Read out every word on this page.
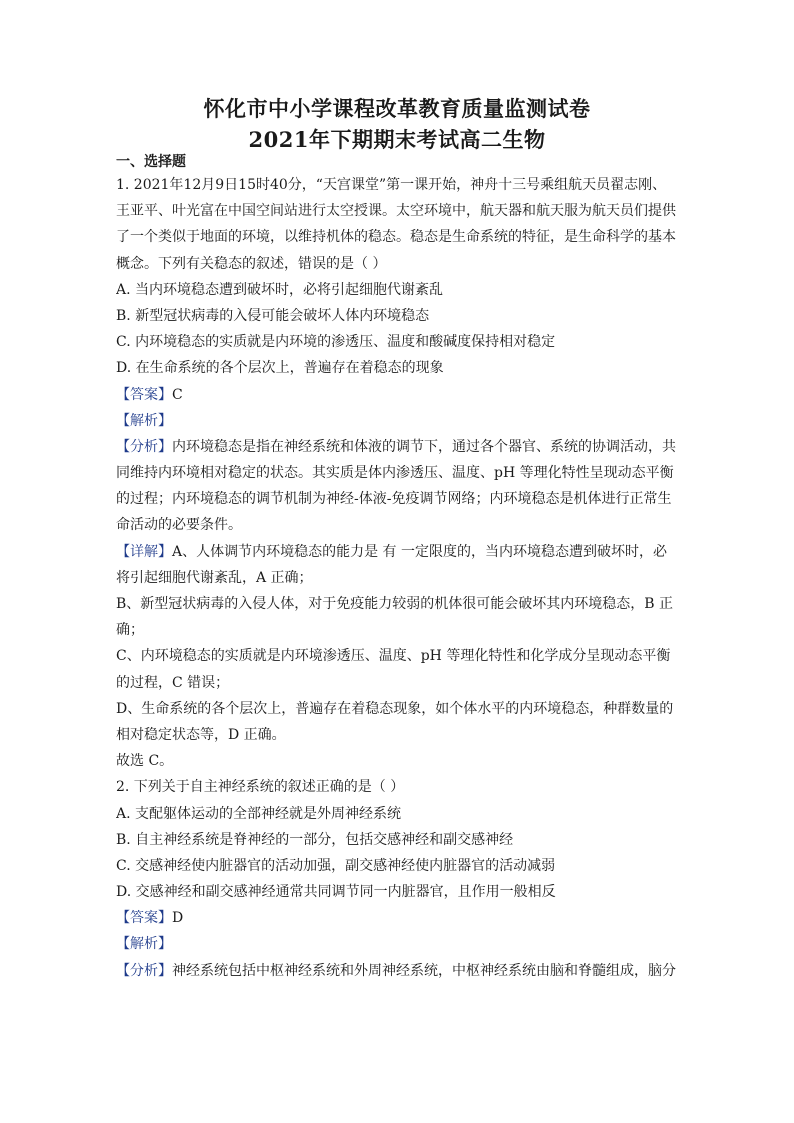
怀化市中小学课程改革教育质量监测试卷
2021年下期期末考试高二生物
一、选择题
1. 2021年12月9日15时40分，“天宫课堂”第一课开始，神舟十三号乘组航天员翟志刚、
王亚平、叶光富在中国空间站进行太空授课。太空环境中，航天器和航天服为航天员们提供
了一个类似于地面的环境，以维持机体的稳态。稳态是生命系统的特征，是生命科学的基本
概念。下列有关稳态的叙述，错误的是（ ）
A. 当内环境稳态遭到破坏时，必将引起细胞代谢紊乱
B. 新型冠状病毒的入侵可能会破坏人体内环境稳态
C. 内环境稳态的实质就是内环境的渗透压、温度和酸碱度保持相对稳定
D. 在生命系统的各个层次上，普遍存在着稳态的现象
【答案】C
【解析】
【分析】内环境稳态是指在神经系统和体液的调节下，通过各个器官、系统的协调活动，共
同维持内环境相对稳定的状态。其实质是体内渗透压、温度、pH 等理化特性呈现动态平衡
的过程；内环境稳态的调节机制为神经-体液-免疫调节网络；内环境稳态是机体进行正常生
命活动的必要条件。
【详解】A、人体调节内环境稳态的能力是 有 一定限度的，当内环境稳态遭到破坏时，必
将引起细胞代谢紊乱，A 正确；
B、新型冠状病毒的入侵人体，对于免疫能力较弱的机体很可能会破坏其内环境稳态，B 正
确；
C、内环境稳态的实质就是内环境渗透压、温度、pH 等理化特性和化学成分呈现动态平衡
的过程，C 错误；
D、生命系统的各个层次上，普遍存在着稳态现象，如个体水平的内环境稳态，种群数量的
相对稳定状态等，D 正确。
故选 C。
2. 下列关于自主神经系统的叙述正确的是（ ）
A. 支配躯体运动的全部神经就是外周神经系统
B. 自主神经系统是脊神经的一部分，包括交感神经和副交感神经
C. 交感神经使内脏器官的活动加强，副交感神经使内脏器官的活动减弱
D. 交感神经和副交感神经通常共同调节同一内脏器官，且作用一般相反
【答案】D
【解析】
【分析】神经系统包括中枢神经系统和外周神经系统，中枢神经系统由脑和脊髓组成，脑分
